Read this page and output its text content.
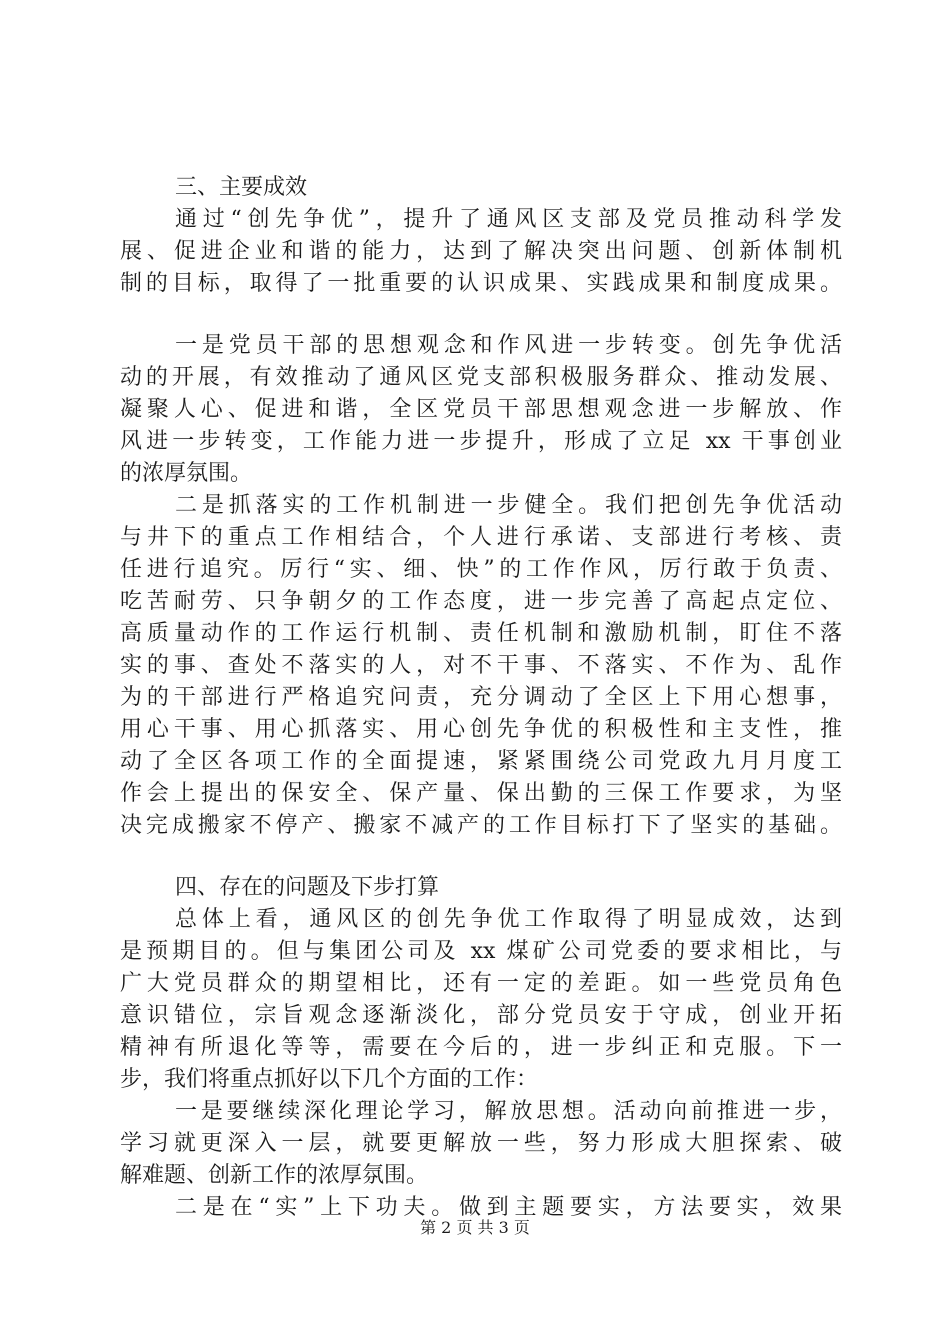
三、主要成效
通过“创先争优”，提升了通风区支部及党员推动科学发
展、促进企业和谐的能力，达到了解决突出问题、创新体制机
制的目标，取得了一批重要的认识成果、实践成果和制度成果。
一是党员干部的思想观念和作风进一步转变。创先争优活
动的开展，有效推动了通风区党支部积极服务群众、推动发展、
凝聚人心、促进和谐，全区党员干部思想观念进一步解放、作
风进一步转变，工作能力进一步提升，形成了立足 xx 干事创业
的浓厚氛围。
二是抓落实的工作机制进一步健全。我们把创先争优活动
与井下的重点工作相结合，个人进行承诺、支部进行考核、责
任进行追究。厉行“实、细、快”的工作作风，厉行敢于负责、
吃苦耐劳、只争朝夕的工作态度，进一步完善了高起点定位、
高质量动作的工作运行机制、责任机制和激励机制，盯住不落
实的事、查处不落实的人，对不干事、不落实、不作为、乱作
为的干部进行严格追究问责，充分调动了全区上下用心想事，
用心干事、用心抓落实、用心创先争优的积极性和主支性，推
动了全区各项工作的全面提速，紧紧围绕公司党政九月月度工
作会上提出的保安全、保产量、保出勤的三保工作要求，为坚
决完成搬家不停产、搬家不减产的工作目标打下了坚实的基础。
四、存在的问题及下步打算
总体上看，通风区的创先争优工作取得了明显成效，达到
是预期目的。但与集团公司及 xx 煤矿公司党委的要求相比，与
广大党员群众的期望相比，还有一定的差距。如一些党员角色
意识错位，宗旨观念逐渐淡化，部分党员安于守成，创业开拓
精神有所退化等等，需要在今后的，进一步纠正和克服。下一
步，我们将重点抓好以下几个方面的工作：
一是要继续深化理论学习，解放思想。活动向前推进一步，
学习就更深入一层，就要更解放一些，努力形成大胆探索、破
解难题、创新工作的浓厚氛围。
二是在“实”上下功夫。做到主题要实，方法要实，效果
第 2 页 共 3 页
